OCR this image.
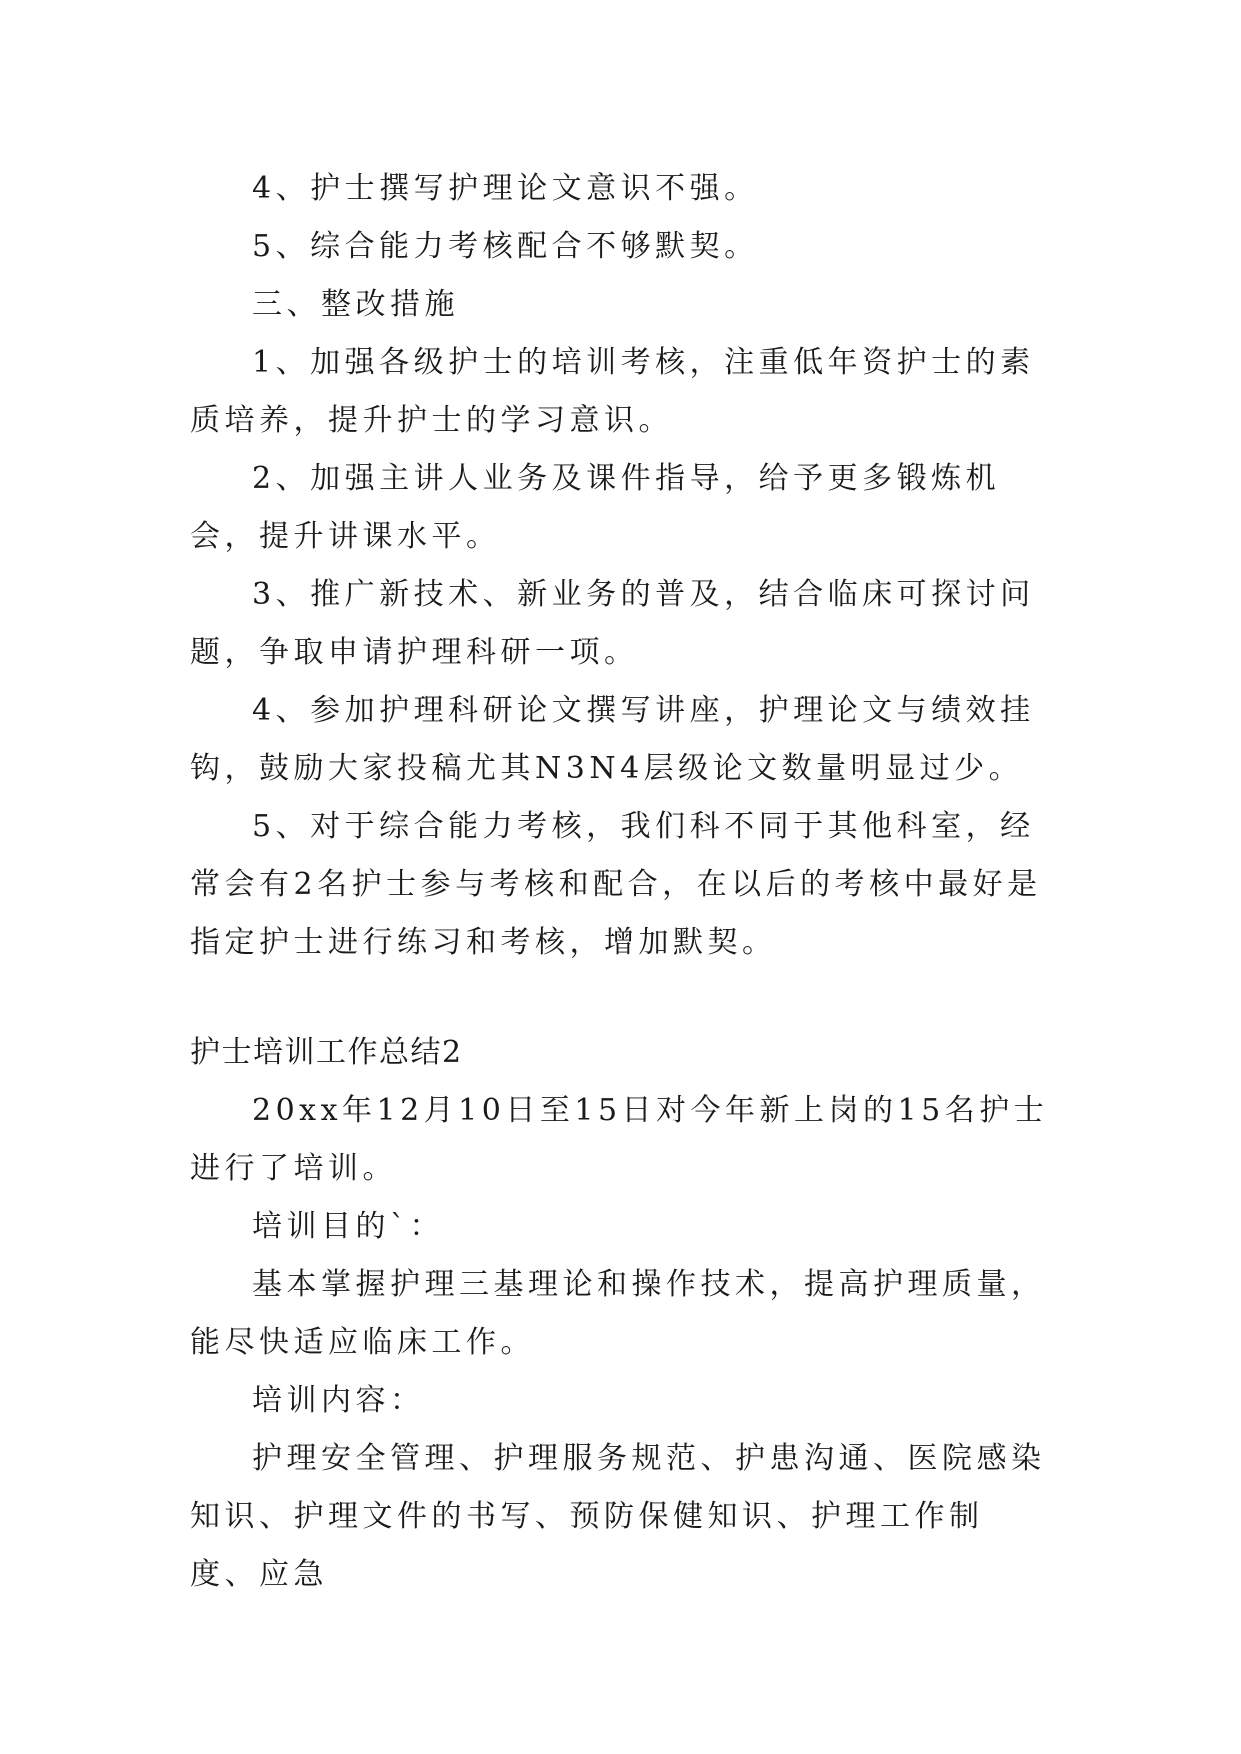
4、护士撰写护理论文意识不强。

5、综合能力考核配合不够默契。

三、整改措施

1、加强各级护士的培训考核，注重低年资护士的素质培养，提升护士的学习意识。

2、加强主讲人业务及课件指导，给予更多锻炼机会，提升讲课水平。

3、推广新技术、新业务的普及，结合临床可探讨问题，争取申请护理科研一项。

4、参加护理科研论文撰写讲座，护理论文与绩效挂钩，鼓励大家投稿尤其N3N4层级论文数量明显过少。

5、对于综合能力考核，我们科不同于其他科室，经常会有2名护士参与考核和配合，在以后的考核中最好是指定护士进行练习和考核，增加默契。

护士培训工作总结2

20xx年12月10日至15日对今年新上岗的15名护士进行了培训。

培训目的`：

基本掌握护理三基理论和操作技术，提高护理质量，能尽快适应临床工作。

培训内容：

护理安全管理、护理服务规范、护患沟通、医院感染知识、护理文件的书写、预防保健知识、护理工作制度、应急
